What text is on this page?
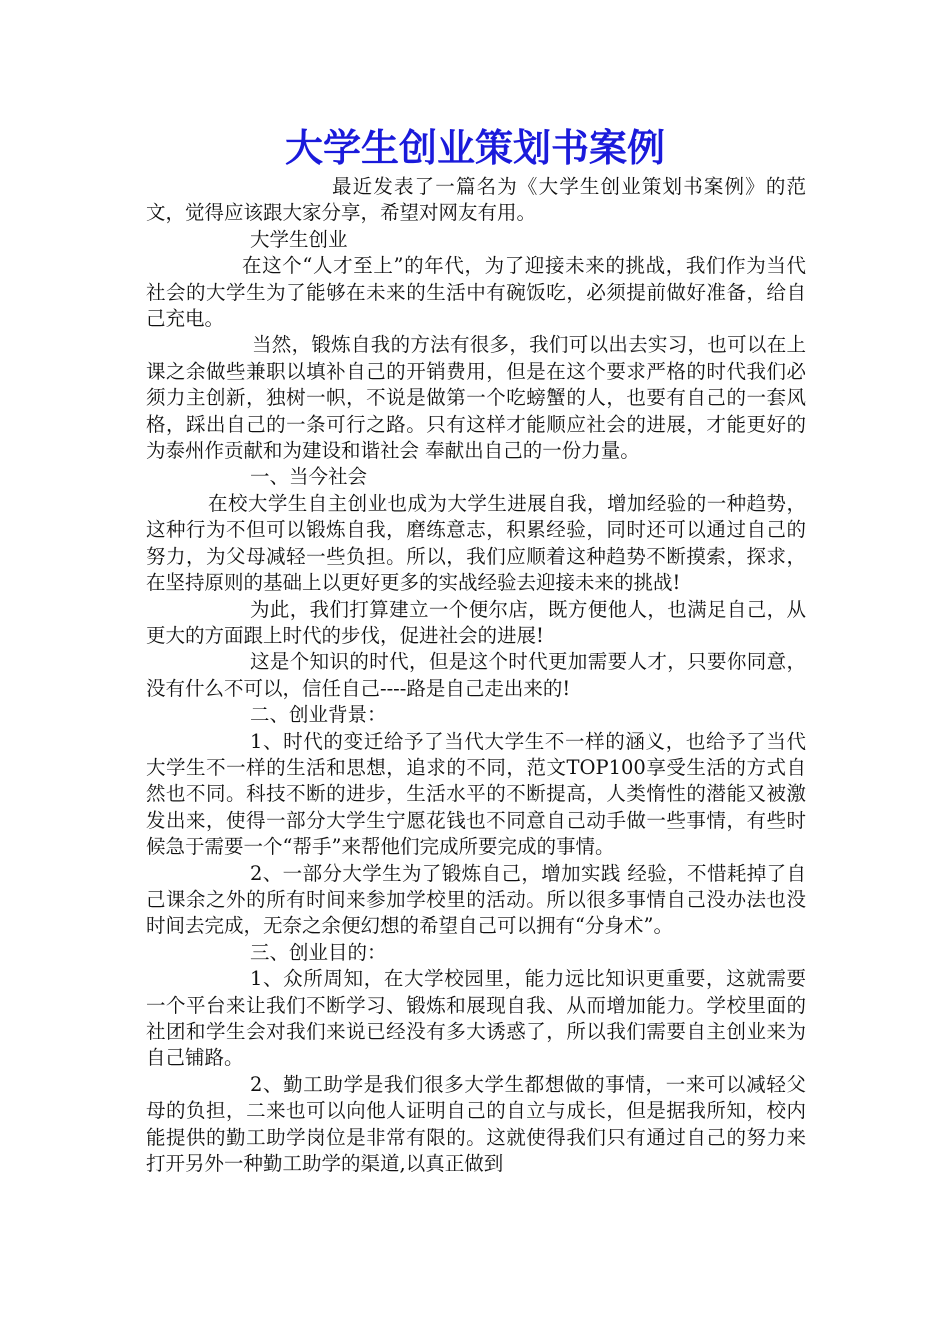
大学生创业策划书案例

最近发表了一篇名为《大学生创业策划书案例》的范文，觉得应该跟大家分享，希望对网友有用。

大学生创业

在这个“人才至上”的年代，为了迎接未来的挑战，我们作为当代社会的大学生为了能够在未来的生活中有碗饭吃，必须提前做好准备，给自己充电。

当然，锻炼自我的方法有很多，我们可以出去实习，也可以在上课之余做些兼职以填补自己的开销费用，但是在这个要求严格的时代我们必须力主创新，独树一帜，不说是做第一个吃螃蟹的人，也要有自己的一套风格，踩出自己的一条可行之路。只有这样才能顺应社会的进展，才能更好的为泰州作贡献和为建设和谐社会 奉献出自己的一份力量。

一、当今社会

在校大学生自主创业也成为大学生进展自我，增加经验的一种趋势，这种行为不但可以锻炼自我，磨练意志，积累经验，同时还可以通过自己的努力，为父母减轻一些负担。所以，我们应顺着这种趋势不断摸索，探求，在坚持原则的基础上以更好更多的实战经验去迎接未来的挑战!

为此，我们打算建立一个便尔店，既方便他人，也满足自己，从更大的方面跟上时代的步伐，促进社会的进展!

这是个知识的时代，但是这个时代更加需要人才，只要你同意，没有什么不可以，信任自己----路是自己走出来的!

二、创业背景：

1、时代的变迁给予了当代大学生不一样的涵义，也给予了当代大学生不一样的生活和思想，追求的不同，范文TOP100享受生活的方式自然也不同。科技不断的进步，生活水平的不断提高，人类惰性的潜能又被激发出来，使得一部分大学生宁愿花钱也不同意自己动手做一些事情，有些时候急于需要一个“帮手”来帮他们完成所要完成的事情。

2、一部分大学生为了锻炼自己，增加实践 经验，不惜耗掉了自己课余之外的所有时间来参加学校里的活动。所以很多事情自己没办法也没时间去完成，无奈之余便幻想的希望自己可以拥有“分身术”。

三、创业目的：

1、众所周知，在大学校园里，能力远比知识更重要，这就需要一个平台来让我们不断学习、锻炼和展现自我、从而增加能力。学校里面的社团和学生会对我们来说已经没有多大诱惑了，所以我们需要自主创业来为自己铺路。

2、勤工助学是我们很多大学生都想做的事情，一来可以减轻父母的负担，二来也可以向他人证明自己的自立与成长，但是据我所知，校内能提供的勤工助学岗位是非常有限的。这就使得我们只有通过自己的努力来打开另外一种勤工助学的渠道,以真正做到
